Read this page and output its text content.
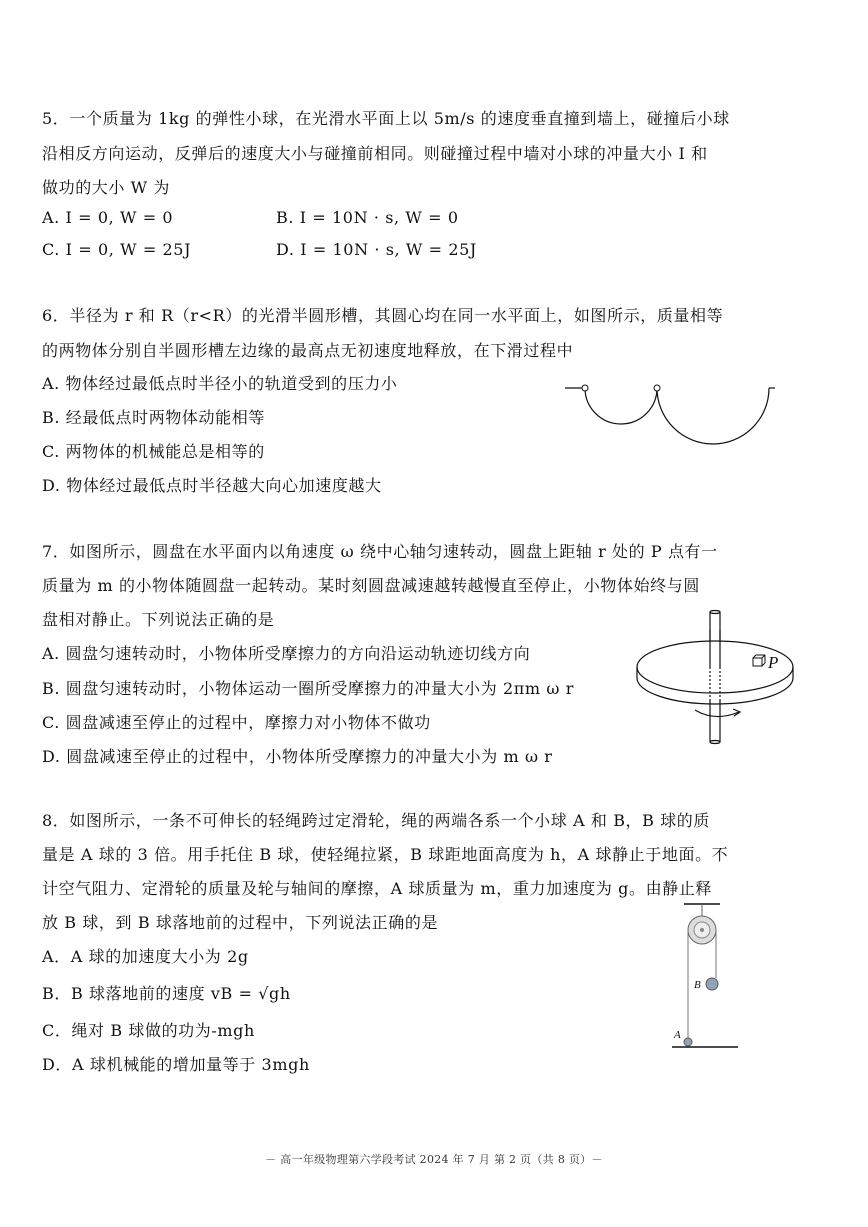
5．一个质量为 1kg 的弹性小球，在光滑水平面上以 5m/s 的速度垂直撞到墙上，碰撞后小球
沿相反方向运动，反弹后的速度大小与碰撞前相同。则碰撞过程中墙对小球的冲量大小 I 和
做功的大小 W 为
A. I = 0, W = 0	B. I = 10N · s, W = 0
C. I = 0, W = 25J	D. I = 10N · s, W = 25J
6．半径为 r 和 R（r<R）的光滑半圆形槽，其圆心均在同一水平面上，如图所示，质量相等
的两物体分别自半圆形槽左边缘的最高点无初速度地释放，在下滑过程中
A. 物体经过最低点时半径小的轨道受到的压力小
B. 经最低点时两物体动能相等
C. 两物体的机械能总是相等的
D. 物体经过最低点时半径越大向心加速度越大
7．如图所示，圆盘在水平面内以角速度 ω 绕中心轴匀速转动，圆盘上距轴 r 处的 P 点有一
质量为 m 的小物体随圆盘一起转动。某时刻圆盘减速越转越慢直至停止，小物体始终与圆
盘相对静止。下列说法正确的是
A. 圆盘匀速转动时，小物体所受摩擦力的方向沿运动轨迹切线方向
B. 圆盘匀速转动时，小物体运动一圈所受摩擦力的冲量大小为 2πm ω r
C. 圆盘减速至停止的过程中，摩擦力对小物体不做功
D. 圆盘减速至停止的过程中，小物体所受摩擦力的冲量大小为 m ω r
P
8．如图所示，一条不可伸长的轻绳跨过定滑轮，绳的两端各系一个小球 A 和 B，B 球的质
量是 A 球的 3 倍。用手托住 B 球，使轻绳拉紧，B 球距地面高度为 h，A 球静止于地面。不
计空气阻力、定滑轮的质量及轮与轴间的摩擦，A 球质量为 m，重力加速度为 g。由静止释
放 B 球，到 B 球落地前的过程中，下列说法正确的是
A．A 球的加速度大小为 2g
B．B 球落地前的速度 vB = √gh
C．绳对 B 球做的功为-mgh
D．A 球机械能的增加量等于 3mgh
B
A
－ 高一年级物理第六学段考试 2024 年 7 月 第 2 页（共 8 页）－
